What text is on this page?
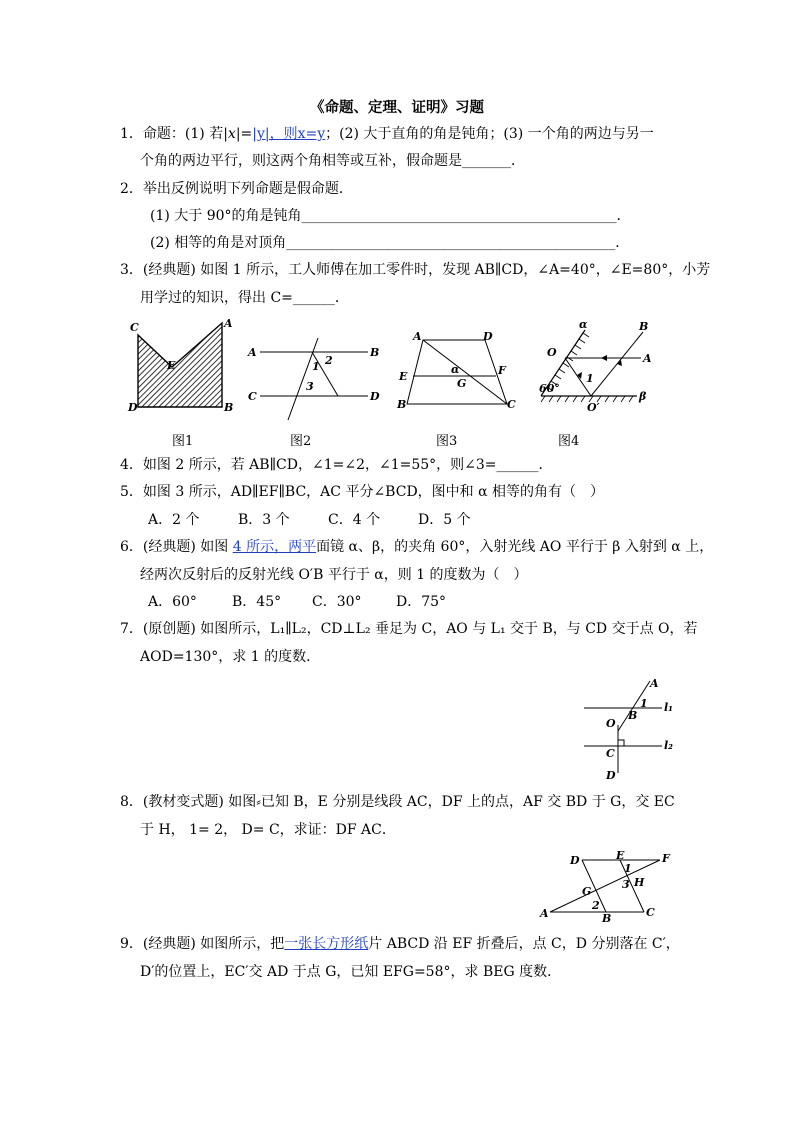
《命题、定理、证明》习题
1．命题：(1) 若|x|=|y|，则x=y；(2) 大于直角的角是钝角；(3) 一个角的两边与另一
个角的两边平行，则这两个角相等或互补，假命题是_______．
2．举出反例说明下列命题是假命题．
(1) 大于 90°的角是钝角_____________________________________________．
(2) 相等的角是对顶角_______________________________________________．
3．(经典题) 如图 1 所示，工人师傅在加工零件时，发现 AB∥CD，∠A=40°，∠E=80°，小芳
用学过的知识，得出 C=______．
C	A
E
D	B
A	B
C	D
1 2
3
A	D
E	F
G
B	C
α
α
O
B
A
60°
1
O′
β
图1	图2	图3	图4
4．如图 2 所示，若 AB∥CD，∠1=∠2，∠1=55°，则∠3=______．
5．如图 3 所示，AD∥EF∥BC，AC 平分∠BCD，图中和 α 相等的角有（　）
A．2 个	B．3 个	C．4 个	D．5 个
6．(经典题) 如图 4 所示，两平面镜 α、β，的夹角 60°，入射光线 AO 平行于 β 入射到 α 上，
经两次反射后的反射光线 O′B 平行于 α，则 1 的度数为（　）
A．60°	B．45° C．30° D．75°
7．(原创题) 如图所示，L₁∥L₂，CD⊥L₂ 垂足为 C，AO 与 L₁ 交于 B，与 CD 交于点 O，若
AOD=130°，求 1 的度数．
A
1 l₁
O
B
C
l₂
D
8．(教材变式题) 如图⸗已知 B，E 分别是线段 AC，DF 上的点，AF 交 BD 于 G，交 EC
于 H， 1= 2， D= C，求证：DF AC．
D	E	F
1
H
3
G
2
A	B	C
9．(经典题) 如图所示，把一张长方形纸片 ABCD 沿 EF 折叠后，点 C，D 分别落在 C′，
D′的位置上，EC′交 AD 于点 G，已知 EFG=58°，求 BEG 度数．
